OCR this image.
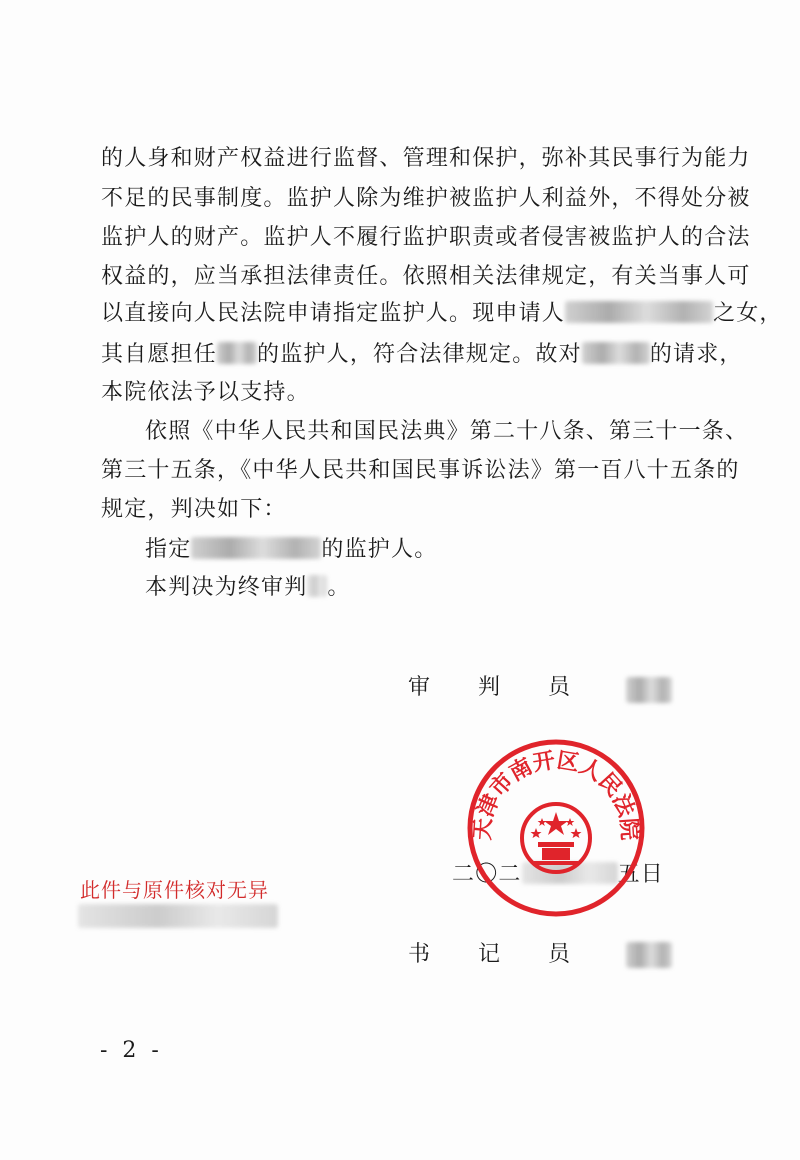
的人身和财产权益进行监督、管理和保护，弥补其民事行为能力
不足的民事制度。监护人除为维护被监护人利益外，不得处分被
监护人的财产。监护人不履行监护职责或者侵害被监护人的合法
权益的，应当承担法律责任。依照相关法律规定，有关当事人可
以直接向人民法院申请指定监护人。现申请人	之女，
其自愿担任 的监护人，符合法律规定。故对	的请求，
本院依法予以支持。
依照《中华人民共和国民法典》第二十八条、第三十一条、
第三十五条，《中华人民共和国民事诉讼法》第一百八十五条的
规定，判决如下：
指定	的监护人。
本判决为终审判 。
审判员
二〇二	五日
书记员
天津市南开区人民法院
此件与原件核对无异
- 2 -
